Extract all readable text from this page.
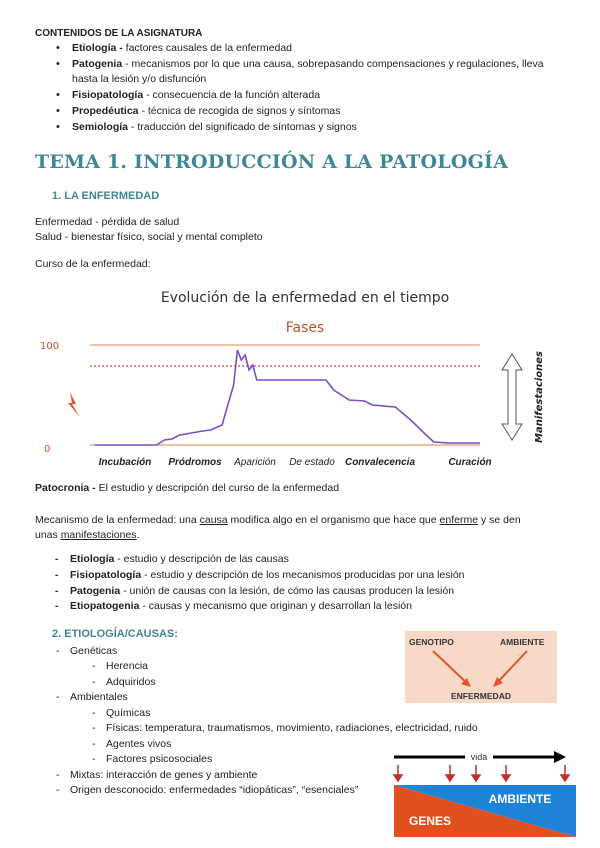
CONTENIDOS DE LA ASIGNATURA
• Etiología - factores causales de la enfermedad
• Patogenia - mecanismos por lo que una causa, sobrepasando compensaciones y regulaciones, lleva
hasta la lesión y/o disfunción
• Fisiopatología - consecuencia de la función alterada
• Propedéutica - técnica de recogida de signos y síntomas
• Semiología - traducción del significado de síntomas y signos
TEMA 1. INTRODUCCIÓN A LA PATOLOGÍA
1. LA ENFERMEDAD
Enfermedad - pérdida de salud
Salud - bienestar físico, social y mental completo
Curso de la enfermedad:
Evolución de la enfermedad en el tiempo
Fases
100
0
Incubación Pródromos Aparición De estado Convalecencia	Curación
Manifestaciones
Patocronia - El estudio y descripción del curso de la enfermedad
Mecanismo de la enfermedad: una causa modifica algo en el organismo que hace que enferme y se den
unas manifestaciones.
- Etiología - estudio y descripción de las causas
- Fisiopatología - estudio y descripción de los mecanismos producidas por una lesión
- Patogenia - unión de causas con la lesión, de cómo las causas producen la lesión
- Etiopatogenia - causas y mecanismo que originan y desarrollan la lesión
2. ETIOLOGÍA/CAUSAS:
- Genéticas
- Herencia
- Adquiridos
- Ambientales
- Químicas
- Físicas: temperatura, traumatismos, movimiento, radiaciones, electricidad, ruido
- Agentes vivos
- Factores psicosociales
- Mixtas: interacción de genes y ambiente
- Origen desconocido: enfermedades “idiopáticas”, “esenciales”
GENOTIPO	AMBIENTE
ENFERMEDAD
vida
AMBIENTE
GENES
